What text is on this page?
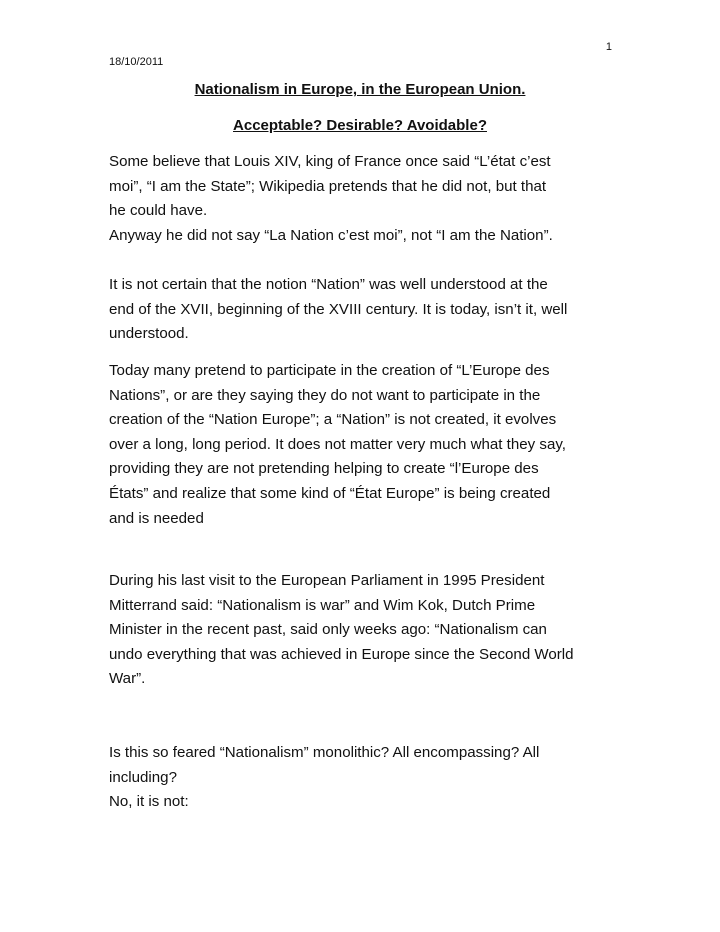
1
18/10/2011
Nationalism in Europe, in the European Union.
Acceptable? Desirable? Avoidable?

Some believe that Louis XIV, king of France once said “L’état c’est
moi”, “I am the State”; Wikipedia pretends that he did not, but that
he could have.
Anyway he did not say “La Nation c’est moi”, not “I am the Nation”.

It is not certain that the notion “Nation” was well understood at the
end of the XVII, beginning of the XVIII century. It is today, isn’t it, well
understood.

Today many pretend to participate in the creation of “L’Europe des
Nations”, or are they saying they do not want to participate in the
creation of the “Nation Europe”; a “Nation” is not created, it evolves
over a long, long period. It does not matter very much what they say,
providing they are not pretending helping to create “l’Europe des
États” and realize that some kind of “État Europe” is being created
and is needed

During his last visit to the European Parliament in 1995 President
Mitterrand said: “Nationalism is war” and Wim Kok, Dutch Prime
Minister in the recent past, said only weeks ago: “Nationalism can
undo everything that was achieved in Europe since the Second World
War”.

Is this so feared “Nationalism” monolithic? All encompassing? All
including?
No, it is not:
